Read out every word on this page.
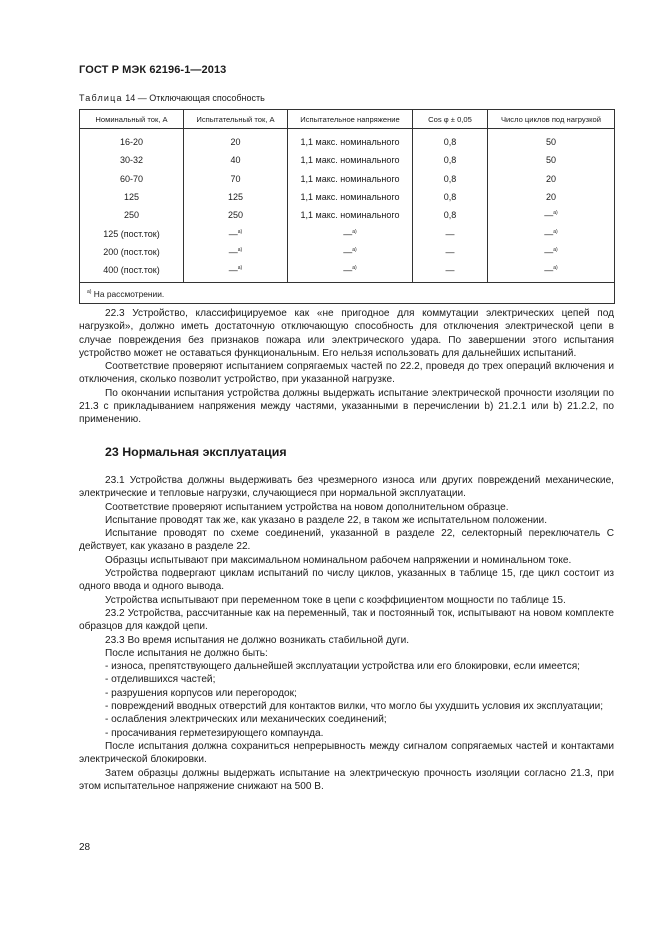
ГОСТ Р МЭК 62196-1—2013
Таблица 14 — Отключающая способность
Номинальный ток, А	Испытательный ток, А	Испытательное напряжение	Cos φ ± 0,05	Число циклов под нагрузкой
16-20	20	1,1 макс. номинального	0,8	50
30-32	40	1,1 макс. номинального	0,8	50
60-70	70	1,1 макс. номинального	0,8	20
125	125	1,1 макс. номинального	0,8	20
250	250	1,1 макс. номинального	0,8	—$^{a)}$
125 (пост.ток)	—$^{a)}$	—$^{a)}$	—	—$^{a)}$
200 (пост.ток)	—$^{a)}$	—$^{a)}$	—	—$^{a)}$
400 (пост.ток)	—$^{a)}$	—$^{a)}$	—	—$^{a)}$
$^{a)}$ На рассмотрении.				

22.3 Устройство, классифицируемое как «не пригодное для коммутации электрических цепей под нагрузкой», должно иметь достаточную отключающую способность для отключения электрической цепи в случае повреждения без признаков пожара или электрического удара. По завершении этого испытания устройство может не оставаться функциональным. Его нельзя использовать для дальнейших испытаний.

Соответствие проверяют испытанием сопрягаемых частей по 22.2, проведя до трех операций включения и отключения, сколько позволит устройство, при указанной нагрузке.

По окончании испытания устройства должны выдержать испытание электрической прочности изоляции по 21.3 с прикладыванием напряжения между частями, указанными в перечислении b) 21.2.1 или b) 21.2.2, по применению.

23 Нормальная эксплуатация

23.1 Устройства должны выдерживать без чрезмерного износа или других повреждений механические, электрические и тепловые нагрузки, случающиеся при нормальной эксплуатации.

Соответствие проверяют испытанием устройства на новом дополнительном образце.

Испытание проводят так же, как указано в разделе 22, в таком же испытательном положении.

Испытание проводят по схеме соединений, указанной в разделе 22, селекторный переключатель С действует, как указано в разделе 22.

Образцы испытывают при максимальном номинальном рабочем напряжении и номинальном токе.

Устройства подвергают циклам испытаний по числу циклов, указанных в таблице 15, где цикл состоит из одного ввода и одного вывода.

Устройства испытывают при переменном токе в цепи с коэффициентом мощности по таблице 15.

23.2 Устройства, рассчитанные как на переменный, так и постоянный ток, испытывают на новом комплекте образцов для каждой цепи.

23.3 Во время испытания не должно возникать стабильной дуги.

После испытания не должно быть:

- износа, препятствующего дальнейшей эксплуатации устройства или его блокировки, если имеется;

- отделившихся частей;

- разрушения корпусов или перегородок;

- повреждений вводных отверстий для контактов вилки, что могло бы ухудшить условия их эксплуатации;

- ослабления электрических или механических соединений;

- просачивания герметезирующего компаунда.

После испытания должна сохраниться непрерывность между сигналом сопрягаемых частей и контактами электрической блокировки.

Затем образцы должны выдержать испытание на электрическую прочность изоляции согласно 21.3, при этом испытательное напряжение снижают на 500 В.

28
